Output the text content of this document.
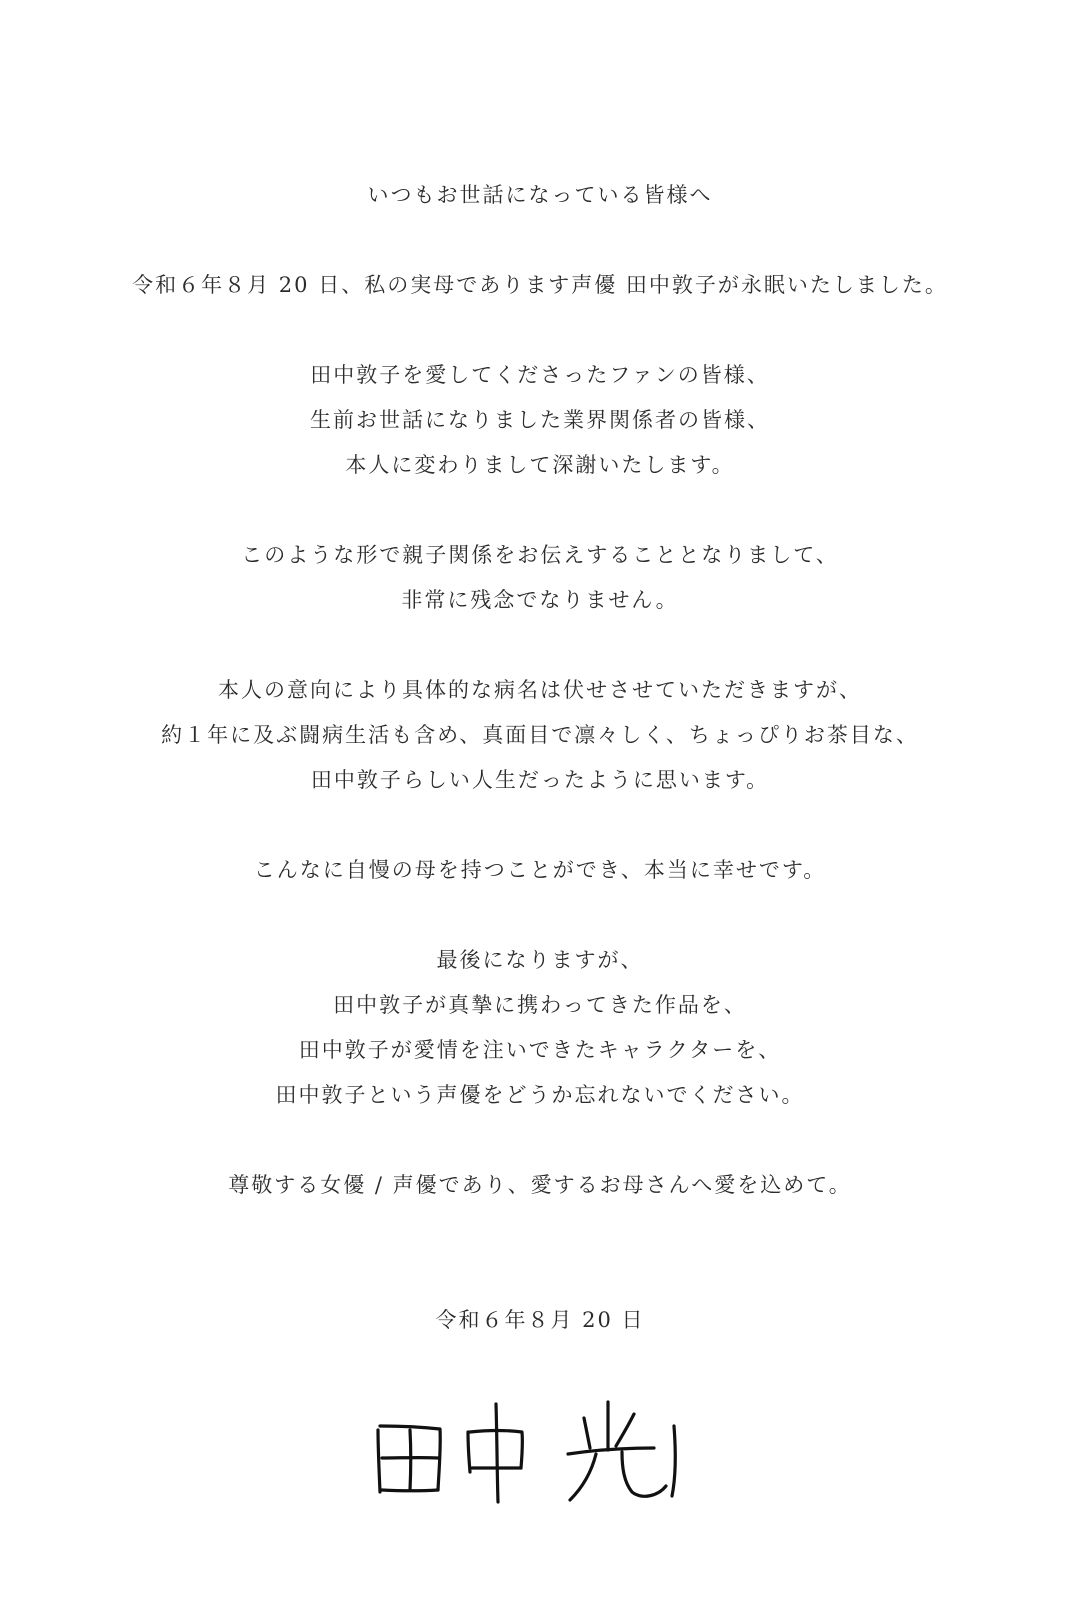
いつもお世話になっている皆様へ
令和６年８月 20 日、私の実母であります声優 田中敦子が永眠いたしました。
田中敦子を愛してくださったファンの皆様、
生前お世話になりました業界関係者の皆様、
本人に変わりまして深謝いたします。
このような形で親子関係をお伝えすることとなりまして、
非常に残念でなりません。
本人の意向により具体的な病名は伏せさせていただきますが、
約１年に及ぶ闘病生活も含め、真面目で凛々しく、ちょっぴりお茶目な、
田中敦子らしい人生だったように思います。
こんなに自慢の母を持つことができ、本当に幸せです。
最後になりますが、
田中敦子が真摯に携わってきた作品を、
田中敦子が愛情を注いできたキャラクターを、
田中敦子という声優をどうか忘れないでください。
尊敬する女優 / 声優であり、愛するお母さんへ愛を込めて。
令和６年８月 20 日
